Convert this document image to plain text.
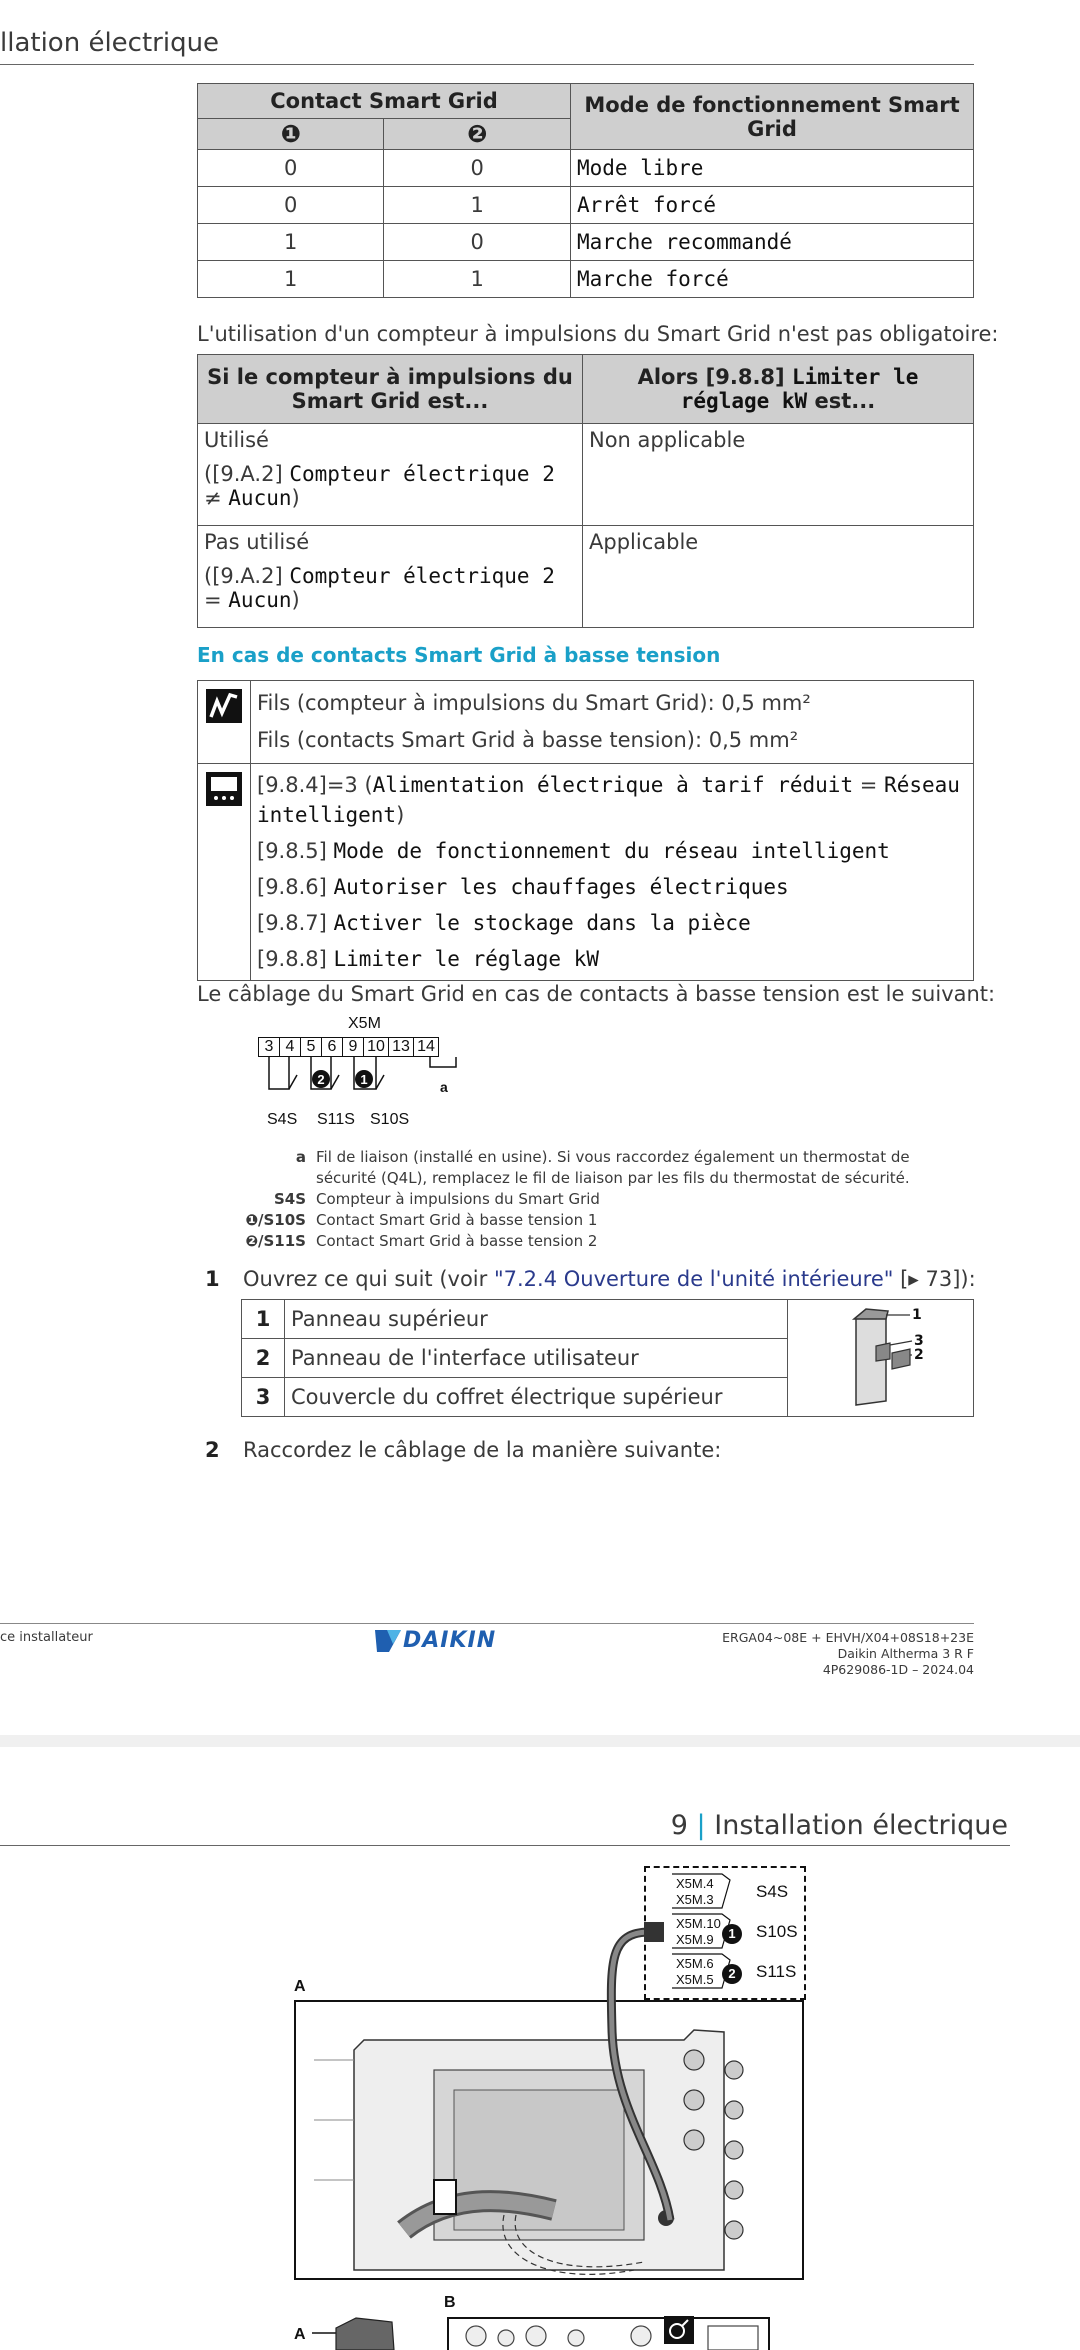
llation électrique
Contact Smart Grid		Mode de fonctionnement Smart Grid
❶	❷	
0	0	Mode libre
0	1	Arrêt forcé
1	0	Marche recommandé
1	1	Marche forcé
L'utilisation d'un compteur à impulsions du Smart Grid n'est pas obligatoire:
Si le compteur à impulsions du Smart Grid est...	Alors [9.8.8] Limiter le réglage kW est...

Utilisé
([9.A.2] Compteur électrique 2 ≠ Aucun)	Non applicable

Pas utilisé
([9.A.2] Compteur électrique 2 = Aucun)	Applicable
En cas de contacts Smart Grid à basse tension

Fils (compteur à impulsions du Smart Grid): 0,5 mm²
Fils (contacts Smart Grid à basse tension): 0,5 mm²

[9.8.4]=3 (Alimentation électrique à tarif réduit = Réseau intelligent)
[9.8.5] Mode de fonctionnement du réseau intelligent
[9.8.6] Autoriser les chauffages électriques
[9.8.7] Activer le stockage dans la pièce
[9.8.8] Limiter le réglage kW
Le câblage du Smart Grid en cas de contacts à basse tension est le suivant:
X5M
3 4 5 6 9 10 13 14
2	1	a
S4S S11S S10S
a Fil de liaison (installé en usine). Si vous raccordez également un thermostat de
sécurité (Q4L), remplacez le fil de liaison par les fils du thermostat de sécurité.
S4S Compteur à impulsions du Smart Grid
❶/S10S Contact Smart Grid à basse tension 1
❷/S11S Contact Smart Grid à basse tension 2
1 Ouvrez ce qui suit (voir "7.2.4 Ouverture de l'unité intérieure" [▸ 73]):
1	Panneau supérieur	1
3
2

2	Panneau de l'interface utilisateur	
3	Couvercle du coffret électrique supérieur	
2 Raccordez le câblage de la manière suivante:
ce installateur	DAIKIN	ERGA04~08E + EHVH/X04+08S18+23E
Daikin Altherma 3 R F
4P629086-1D – 2024.04
9 | Installation électrique
X5M.4
X5M.3 S4S
X5M.10
X5M.9	1	S10S
X5M.6
X5M.5	2	S11S
A
B
A
